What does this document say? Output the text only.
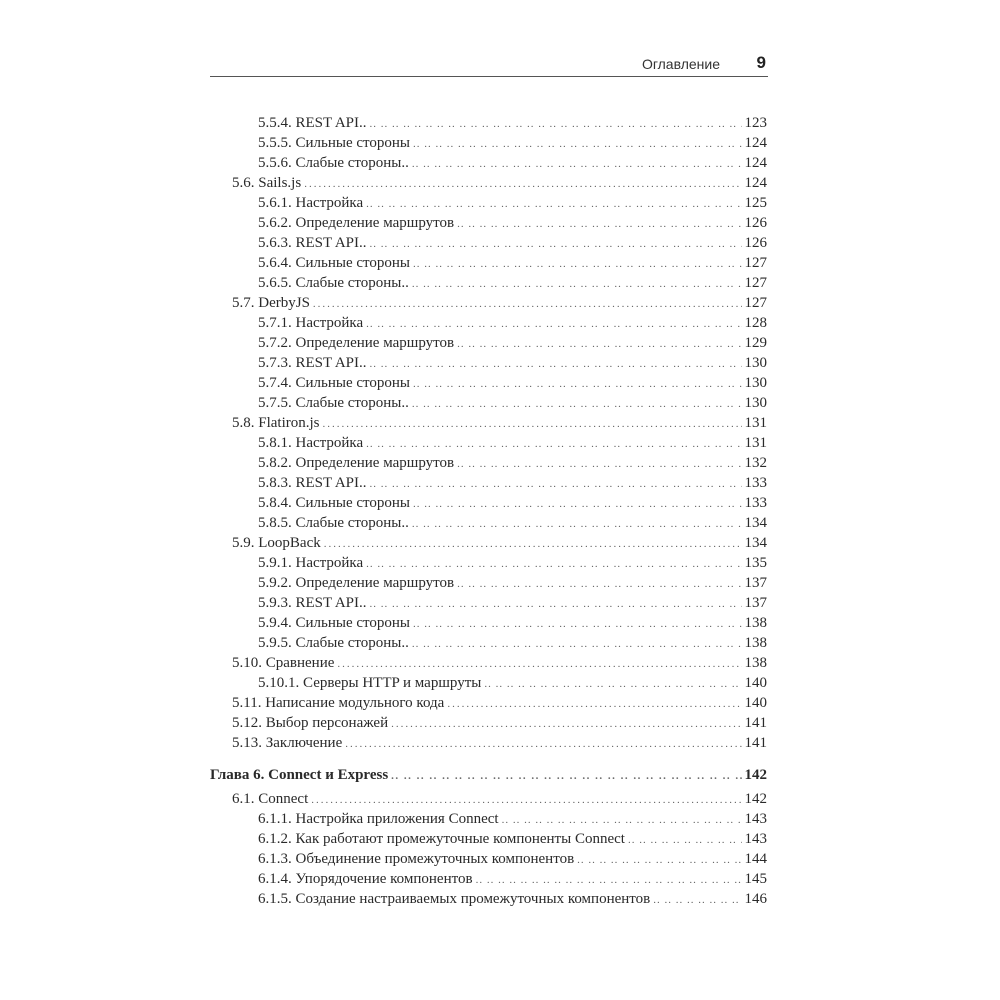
Оглавление 9
5.5.4. REST API.. .. ..	123
5.5.5. Сильные стороны .. ..	124
5.5.6. Слабые стороны.. .. ..	124
5.6. Sails.js .....	124
5.6.1. Настройка .. ..	125
5.6.2. Определение маршрутов .. ..	126
5.6.3. REST API.. .. ..	126
5.6.4. Сильные стороны .. ..	127
5.6.5. Слабые стороны.. .. ..	127
5.7. DerbyJS .....	127
5.7.1. Настройка .. ..	128
5.7.2. Определение маршрутов .. ..	129
5.7.3. REST API.. .. ..	130
5.7.4. Сильные стороны .. ..	130
5.7.5. Слабые стороны.. .. ..	130
5.8. Flatiron.js .....	131
5.8.1. Настройка .. ..	131
5.8.2. Определение маршрутов .. ..	132
5.8.3. REST API.. .. ..	133
5.8.4. Сильные стороны .. ..	133
5.8.5. Слабые стороны.. .. ..	134
5.9. LoopBack .....	134
5.9.1. Настройка .. ..	135
5.9.2. Определение маршрутов .. ..	137
5.9.3. REST API.. .. ..	137
5.9.4. Сильные стороны .. ..	138
5.9.5. Слабые стороны.. .. ..	138
5.10. Сравнение .....	138
5.10.1. Серверы HTTP и маршруты .. ..	140
5.11. Написание модульного кода .....	140
5.12. Выбор персонажей .....	141
5.13. Заключение .....	141
Глава 6. Connect и Express .. ..	142
6.1. Connect .....	142
6.1.1. Настройка приложения Connect .. ..	143
6.1.2. Как работают промежуточные компоненты Connect .. ..	143
6.1.3. Объединение промежуточных компонентов .. ..	144
6.1.4. Упорядочение компонентов .. ..	145
6.1.5. Создание настраиваемых промежуточных компонентов .. ..	146
